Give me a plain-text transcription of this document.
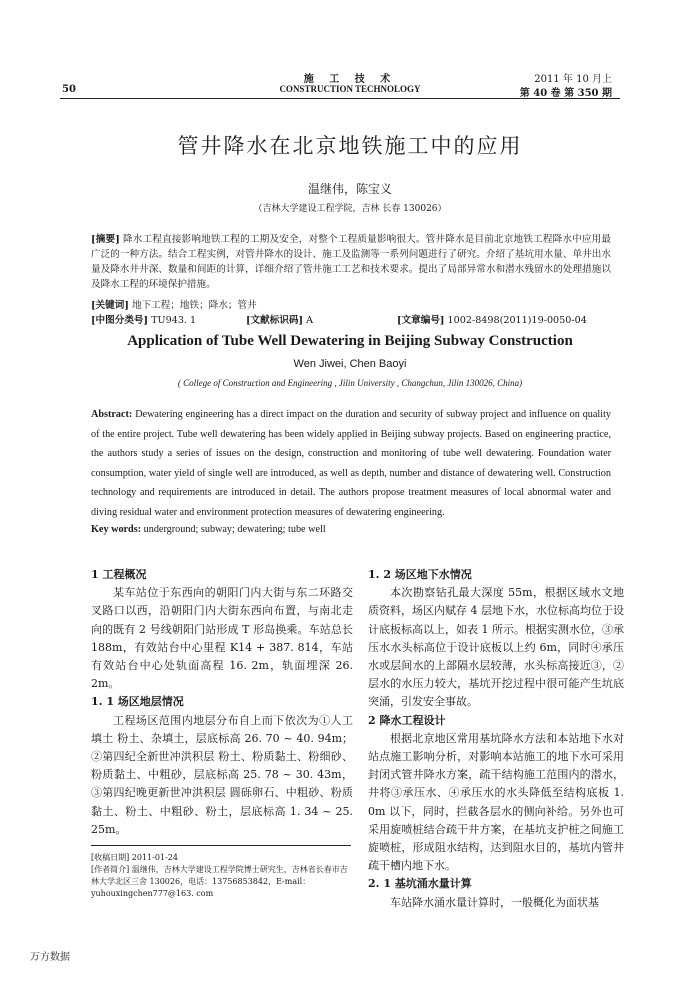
50
施 工 技 术
CONSTRUCTION TECHNOLOGY
2011 年 10 月上
第 40 卷 第 350 期
管井降水在北京地铁施工中的应用
温继伟，陈宝义
（吉林大学建设工程学院，吉林 长春 130026）
[摘要] 降水工程直接影响地铁工程的工期及安全，对整个工程质量影响很大。管井降水是目前北京地铁工程降水中应用最广泛的一种方法。结合工程实例，对管井降水的设计、施工及监测等一系列问题进行了研究。介绍了基坑用水量、单井出水量及降水井井深、数量和间距的计算，详细介绍了管井施工工艺和技术要求。提出了局部异常水和潜水残留水的处理措施以及降水工程的环境保护措施。
[关键词] 地下工程；地铁；降水；管井
[中图分类号] TU943. 1	[文献标识码] A	[文章编号] 1002-8498(2011)19-0050-04
Application of Tube Well Dewatering in Beijing Subway Construction
Wen Jiwei, Chen Baoyi
( College of Construction and Engineering , Jilin University , Changchun, Jilin 130026, China)
Abstract: Dewatering engineering has a direct impact on the duration and security of subway project and influence on quality of the entire project. Tube well dewatering has been widely applied in Beijing subway projects. Based on engineering practice, the authors study a series of issues on the design, construction and monitoring of tube well dewatering. Foundation water consumption, water yield of single well are introduced, as well as depth, number and distance of dewatering well. Construction technology and requirements are introduced in detail. The authors propose treatment measures of local abnormal water and diving residual water and environment protection measures of dewatering engineering.
Key words: underground; subway; dewatering; tube well
1 工程概况

某车站位于东西向的朝阳门内大街与东二环路交叉路口以西，沿朝阳门内大街东西向布置，与南北走向的既有 2 号线朝阳门站形成 T 形岛换乘。车站总长 188m，有效站台中心里程 K14 + 387. 814，车站有效站台中心处轨面高程 16. 2m，轨面埋深 26. 2m。

1. 1 场区地层情况

工程场区范围内地层分布自上而下依次为①人工填土 粉土、杂填土，层底标高 26. 70 ~ 40. 94m；②第四纪全新世冲洪积层 粉土、粉质黏土、粉细砂、粉质黏土、中粗砂，层底标高 25. 78 ~ 30. 43m，③第四纪晚更新世冲洪积层 圆砾卵石、中粗砂、粉质黏土、粉土、中粗砂、粉土，层底标高 1. 34 ~ 25. 25m。

1. 2 场区地下水情况

本次勘察钻孔最大深度 55m，根据区域水文地质资料，场区内赋存 4 层地下水，水位标高均位于设计底板标高以上，如表 1 所示。根据实测水位，③承压水水头标高位于设计底板以上约 6m，同时④承压水或层间水的上部隔水层较薄，水头标高接近③，②层水的水压力较大，基坑开挖过程中很可能产生坑底突涌，引发安全事故。

2 降水工程设计

根据北京地区常用基坑降水方法和本站地下水对站点施工影响分析，对影响本站施工的地下水可采用封闭式管井降水方案，疏干结构施工范围内的潜水，井将③承压水、④承压水的水头降低至结构底板 1. 0m 以下，同时，拦截各层水的侧向补给。另外也可采用旋喷桩结合疏干井方案，在基坑支护桩之间施工旋喷桩，形成阻水结构，达到阻水目的，基坑内管井疏干槽内地下水。

2. 1 基坑涌水量计算

车站降水涌水量计算时，一般概化为面状基

[收稿日期] 2011-01-24
[作者简介] 温继伟，吉林大学建设工程学院博士研究生，吉林省长春市吉林大学北区三舍 130026，电话：13756853842，E-mail：yuhouxingchen777@163. com
万方数据
